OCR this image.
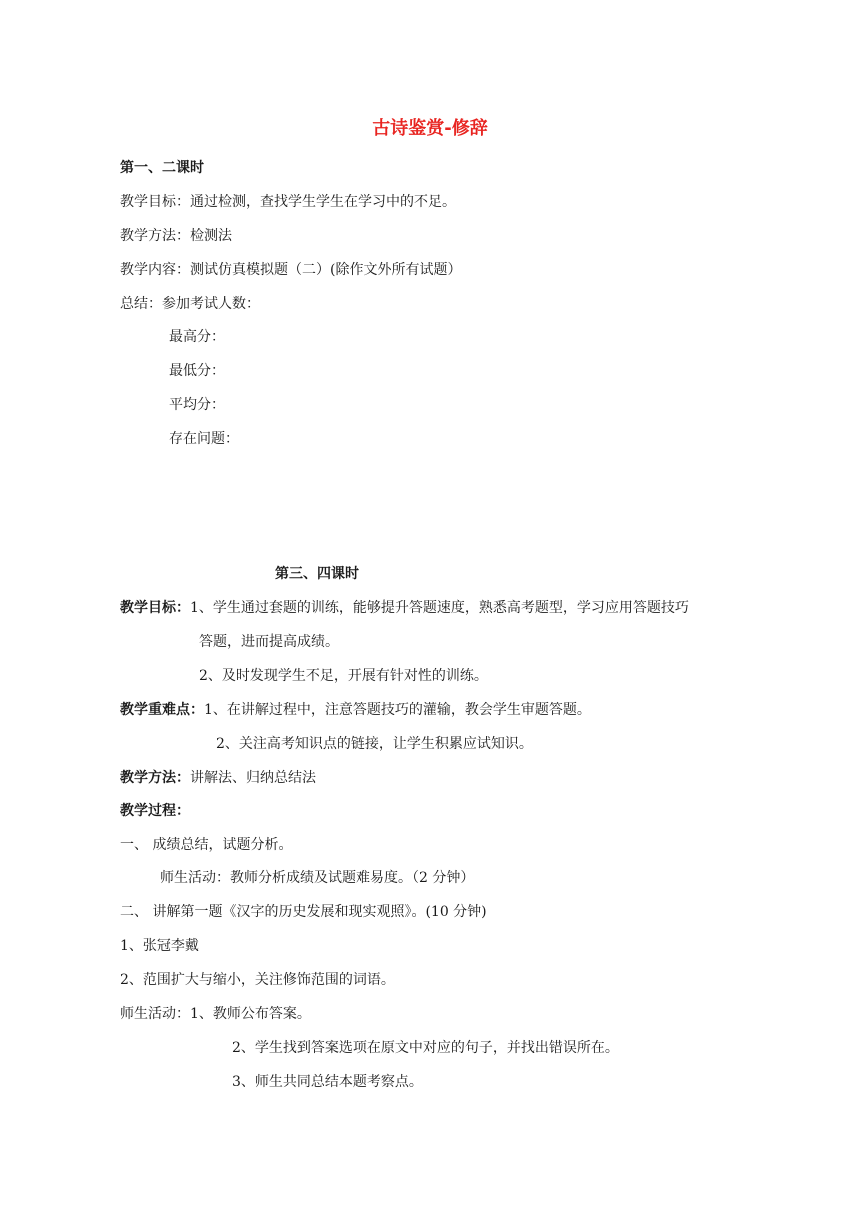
古诗鉴赏-修辞
第一、二课时
教学目标：通过检测，查找学生学生在学习中的不足。
教学方法：检测法
教学内容：测试仿真模拟题（二）(除作文外所有试题）
总结：参加考试人数：
最高分：
最低分：
平均分：
存在问题：
第三、四课时
教学目标：1、学生通过套题的训练，能够提升答题速度，熟悉高考题型，学习应用答题技巧
答题，进而提高成绩。
2、及时发现学生不足，开展有针对性的训练。
教学重难点：1、在讲解过程中，注意答题技巧的灌输，教会学生审题答题。
2、关注高考知识点的链接，让学生积累应试知识。
教学方法：讲解法、归纳总结法
教学过程：
一、 成绩总结，试题分析。
师生活动：教师分析成绩及试题难易度。（2 分钟）
二、 讲解第一题《汉字的历史发展和现实观照》。(10 分钟)
1、张冠李戴
2、范围扩大与缩小，关注修饰范围的词语。
师生活动：1、教师公布答案。
2、学生找到答案选项在原文中对应的句子，并找出错误所在。
3、师生共同总结本题考察点。
